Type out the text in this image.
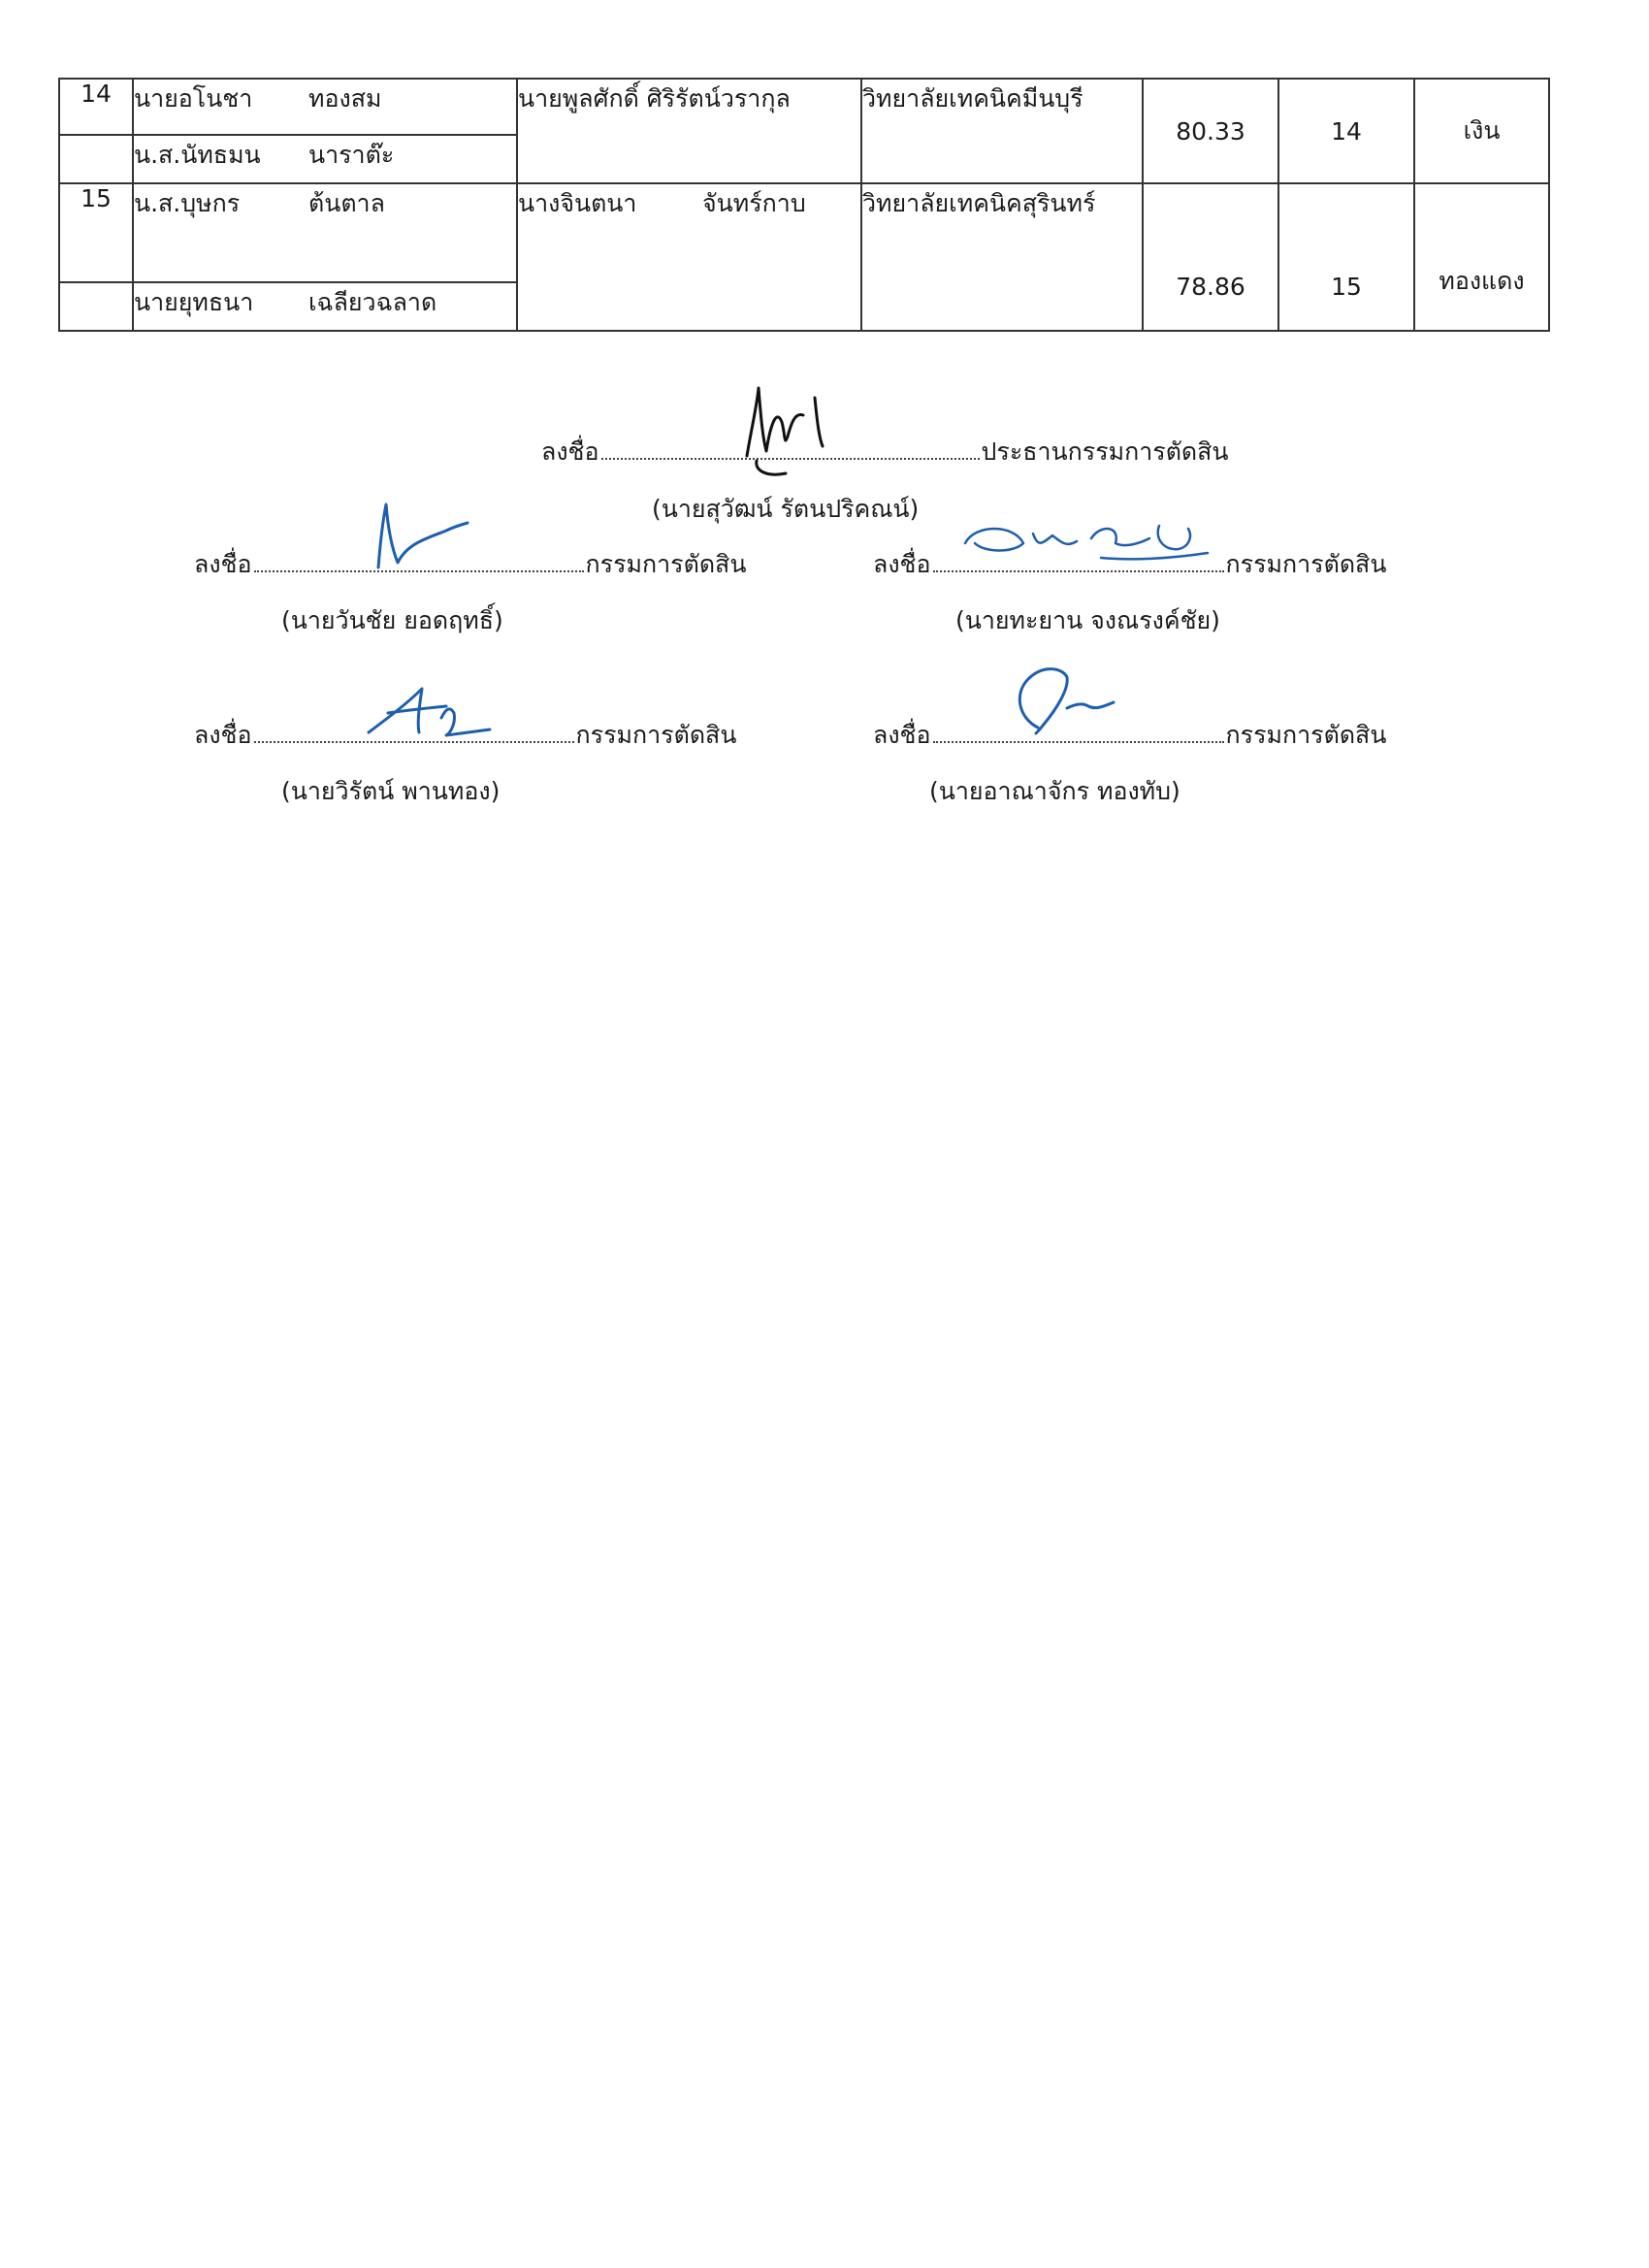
14	นายอโนชา ทองสม	นายพูลศักดิ์ ศิริรัตน์วรากุล	วิทยาลัยเทคนิคมีนบุรี	80.33	14	เงิน
	น.ส.นัทธมน นาราต๊ะ					
15	น.ส.บุษกร ต้นตาล	นางจินตนา จันทร์กาบ	วิทยาลัยเทคนิคสุรินทร์	78.86	15	ทองแดง
	นายยุทธนา เฉลียวฉลาด					
ลงชื่อ	ประธานกรรมการตัดสิน
(นายสุวัฒน์ รัตนปริคณน์)
ลงชื่อ	กรรมการตัดสิน
(นายวันชัย ยอดฤทธิ์)
ลงชื่อ	กรรมการตัดสิน
(นายทะยาน จงณรงค์ชัย)
ลงชื่อ	กรรมการตัดสิน
(นายวิรัตน์ พานทอง)
ลงชื่อ	กรรมการตัดสิน
(นายอาณาจักร ทองทับ)
